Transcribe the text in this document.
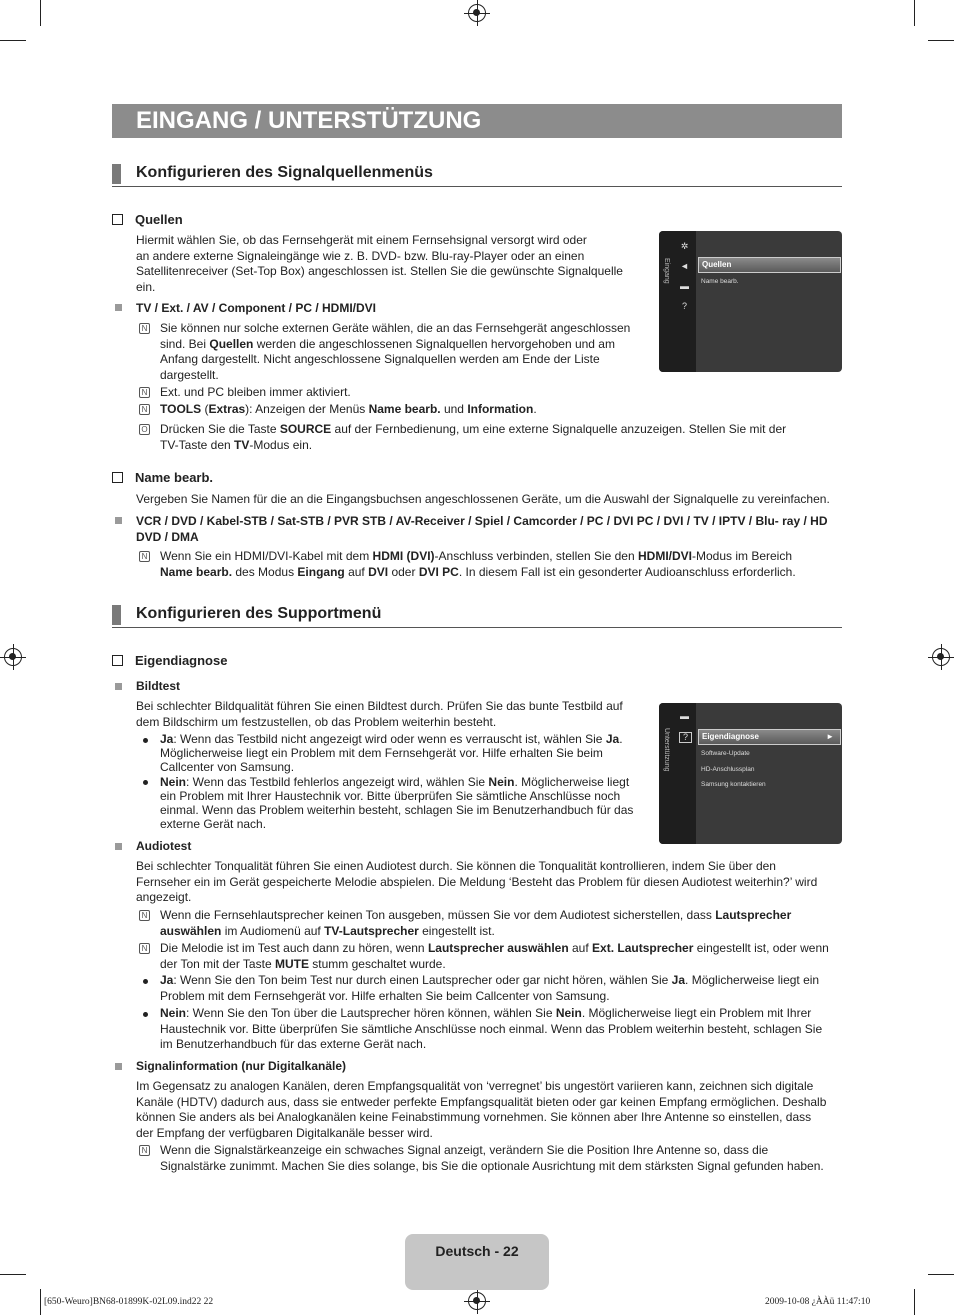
EINGANG / UNTERSTÜTZUNG
Konfigurieren des Signalquellenmenüs
Quellen
Hiermit wählen Sie, ob das Fernsehgerät mit einem Fernsehsignal versorgt wird oder
an andere externe Signaleingänge wie z. B. DVD- bzw. Blu-ray-Player oder an einen
Satellitenreceiver (Set-Top Box) angeschlossen ist. Stellen Sie die gewünschte Signalquelle
ein.
TV / Ext. / AV / Component / PC / HDMI/DVI
N Sie können nur solche externen Geräte wählen, die an das Fernsehgerät angeschlossen
sind. Bei Quellen werden die angeschlossenen Signalquellen hervorgehoben und am
Anfang dargestellt. Nicht angeschlossene Signalquellen werden am Ende der Liste
dargestellt.
N Ext. und PC bleiben immer aktiviert.
N TOOLS (Extras): Anzeigen der Menüs Name bearb. und Information.
O Drücken Sie die Taste SOURCE auf der Fernbedienung, um eine externe Signalquelle anzuzeigen. Stellen Sie mit der
TV-Taste den TV-Modus ein.
Eingang
✲
◄
▬
?
Quellen
Name bearb.
Name bearb.
Vergeben Sie Namen für die an die Eingangsbuchsen angeschlossenen Geräte, um die Auswahl der Signalquelle zu vereinfachen.
VCR / DVD / Kabel-STB / Sat-STB / PVR STB / AV-Receiver / Spiel / Camcorder / PC / DVI PC / DVI / TV / IPTV / Blu- ray / HD
DVD / DMA
N Wenn Sie ein HDMI/DVI-Kabel mit dem HDMI (DVI)-Anschluss verbinden, stellen Sie den HDMI/DVI-Modus im Bereich
Name bearb. des Modus Eingang auf DVI oder DVI PC. In diesem Fall ist ein gesonderter Audioanschluss erforderlich.
Konfigurieren des Supportmenü
Eigendiagnose
Bildtest
Bei schlechter Bildqualität führen Sie einen Bildtest durch. Prüfen Sie das bunte Testbild auf
dem Bildschirm um festzustellen, ob das Problem weiterhin besteht.
Ja: Wenn das Testbild nicht angezeigt wird oder wenn es verrauscht ist, wählen Sie Ja.
Möglicherweise liegt ein Problem mit dem Fernsehgerät vor. Hilfe erhalten Sie beim
Callcenter von Samsung.
Nein: Wenn das Testbild fehlerlos angezeigt wird, wählen Sie Nein. Möglicherweise liegt
ein Problem mit Ihrer Haustechnik vor. Bitte überprüfen Sie sämtliche Anschlüsse noch
einmal. Wenn das Problem weiterhin besteht, schlagen Sie im Benutzerhandbuch für das
externe Gerät nach.
Unterstützung
▬
?	Eigendiagnose	►
Software-Update
HD-Anschlussplan
Samsung kontaktieren
Audiotest
Bei schlechter Tonqualität führen Sie einen Audiotest durch. Sie können die Tonqualität kontrollieren, indem Sie über den
Fernseher ein im Gerät gespeicherte Melodie abspielen. Die Meldung ‘Besteht das Problem für diesen Audiotest weiterhin?’ wird
angezeigt.
N Wenn die Fernsehlautsprecher keinen Ton ausgeben, müssen Sie vor dem Audiotest sicherstellen, dass Lautsprecher
auswählen im Audiomenü auf TV-Lautsprecher eingestellt ist.
N Die Melodie ist im Test auch dann zu hören, wenn Lautsprecher auswählen auf Ext. Lautsprecher eingestellt ist, oder wenn
der Ton mit der Taste MUTE stumm geschaltet wurde.
Ja: Wenn Sie den Ton beim Test nur durch einen Lautsprecher oder gar nicht hören, wählen Sie Ja. Möglicherweise liegt ein
Problem mit dem Fernsehgerät vor. Hilfe erhalten Sie beim Callcenter von Samsung.
Nein: Wenn Sie den Ton über die Lautsprecher hören können, wählen Sie Nein. Möglicherweise liegt ein Problem mit Ihrer
Haustechnik vor. Bitte überprüfen Sie sämtliche Anschlüsse noch einmal. Wenn das Problem weiterhin besteht, schlagen Sie
im Benutzerhandbuch für das externe Gerät nach.
Signalinformation (nur Digitalkanäle)
Im Gegensatz zu analogen Kanälen, deren Empfangsqualität von ‘verregnet’ bis ungestört variieren kann, zeichnen sich digitale
Kanäle (HDTV) dadurch aus, dass sie entweder perfekte Empfangsqualität bieten oder gar keinen Empfang ermöglichen. Deshalb
können Sie anders als bei Analogkanälen keine Feinabstimmung vornehmen. Sie können aber Ihre Antenne so einstellen, dass
der Empfang der verfügbaren Digitalkanäle besser wird.
N Wenn die Signalstärkeanzeige ein schwaches Signal anzeigt, verändern Sie die Position Ihre Antenne so, dass die
Signalstärke zunimmt. Machen Sie dies solange, bis Sie die optionale Ausrichtung mit dem stärksten Signal gefunden haben.
Deutsch - 22
[650-Weuro]BN68-01899K-02L09.ind22 22	2009-10-08 ¿ÀÀü 11:47:10
